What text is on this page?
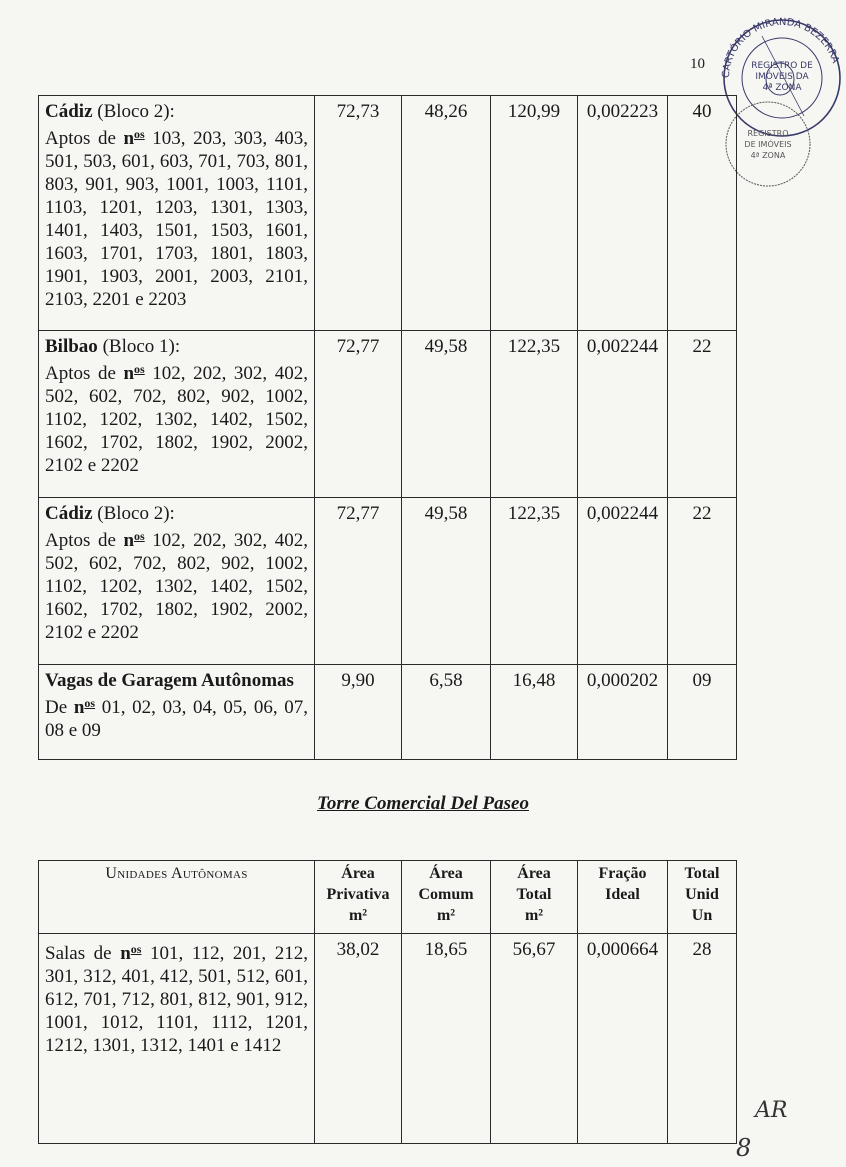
10
CARTÓRIO MIRANDA BEZERRA
REGISTRO DE
IMÓVEIS DA
4ª ZONA
REGISTRO
DE IMÓVEIS
4ª ZONA
Cádiz (Bloco 2):
Aptos de $n^{os}$ 103, 203, 303, 403, 501, 503, 601, 603, 701, 703, 801, 803, 901, 903, 1001, 1003, 1101, 1103, 1201, 1203, 1301, 1303, 1401, 1403, 1501, 1503, 1601, 1603, 1701, 1703, 1801, 1803, 1901, 1903, 2001, 2003, 2101, 2103, 2201 e 2203	72,73	48,26	120,99	0,002223	40
Bilbao (Bloco 1):
Aptos de $n^{os}$ 102, 202, 302, 402, 502, 602, 702, 802, 902, 1002, 1102, 1202, 1302, 1402, 1502, 1602, 1702, 1802, 1902, 2002, 2102 e 2202	72,77	49,58	122,35	0,002244	22
Cádiz (Bloco 2):
Aptos de $n^{os}$ 102, 202, 302, 402, 502, 602, 702, 802, 902, 1002, 1102, 1202, 1302, 1402, 1502, 1602, 1702, 1802, 1902, 2002, 2102 e 2202	72,77	49,58	122,35	0,002244	22
Vagas de Garagem Autônomas
De $n^{os}$ 01, 02, 03, 04, 05, 06, 07, 08 e 09	9,90	6,58	16,48	0,000202	09
Torre Comercial Del Paseo
Unidades Autônomas	Área
Privativa
m²	Área
Comum
m²	Área
Total
m²	Fração
Ideal	Total
Unid
Un
Salas de $n^{os}$ 101, 112, 201, 212, 301, 312, 401, 412, 501, 512, 601, 612, 701, 712, 801, 812, 901, 912, 1001, 1012, 1101, 1112, 1201, 1212, 1301, 1312, 1401 e 1412	38,02	18,65	56,67	0,000664	28
AR
8
